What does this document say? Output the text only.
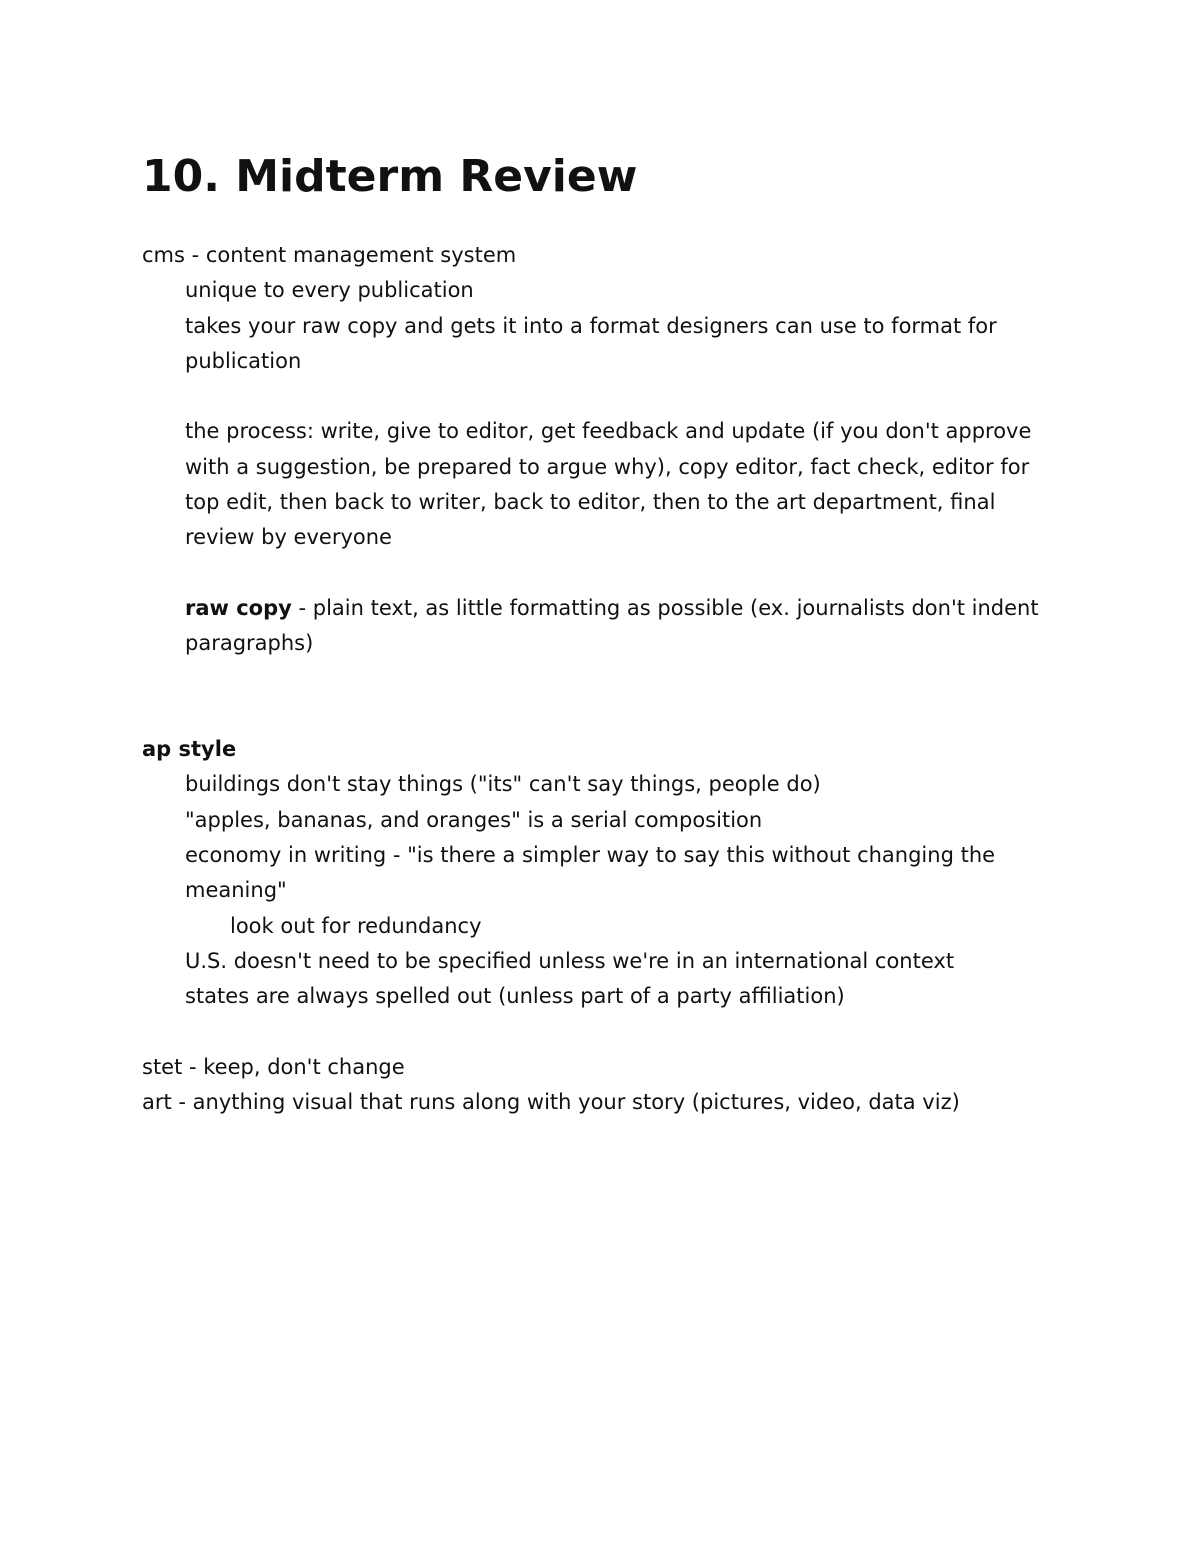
10. Midterm Review

cms - content management system

unique to every publication

takes your raw copy and gets it into a format designers can use to format for publication

the process: write, give to editor, get feedback and update (if you don't approve with a suggestion, be prepared to argue why), copy editor, fact check, editor for top edit, then back to writer, back to editor, then to the art department, final review by everyone

raw copy - plain text, as little formatting as possible (ex. journalists don't indent paragraphs)

ap style

buildings don't stay things ("its" can't say things, people do)

"apples, bananas, and oranges" is a serial composition

economy in writing - "is there a simpler way to say this without changing the meaning"

look out for redundancy

U.S. doesn't need to be specified unless we're in an international context

states are always spelled out (unless part of a party affiliation)

stet - keep, don't change

art - anything visual that runs along with your story (pictures, video, data viz)
